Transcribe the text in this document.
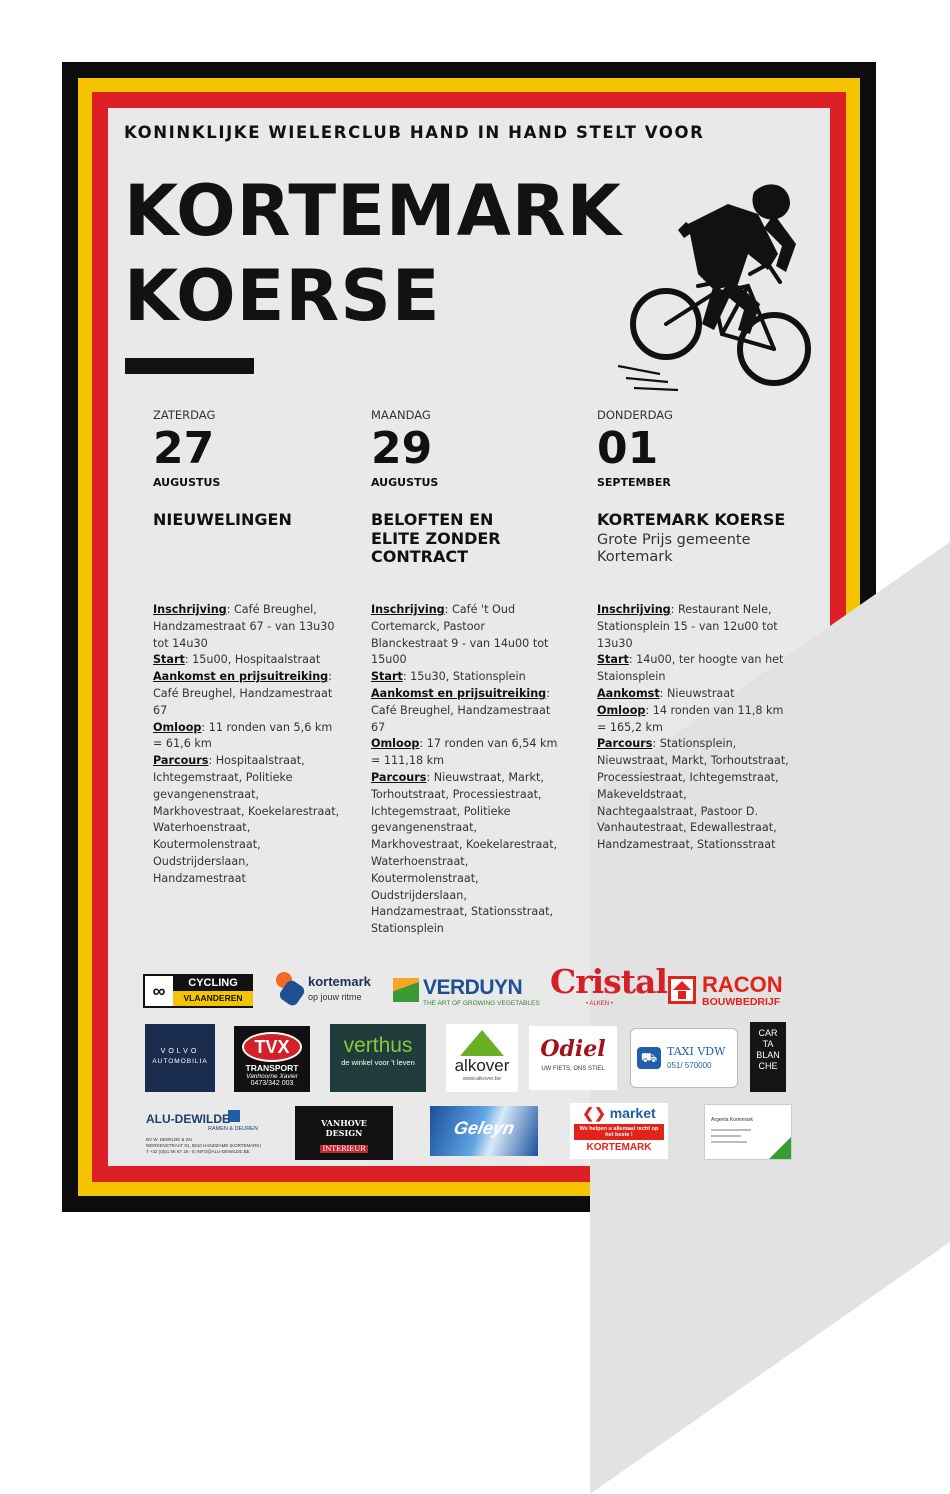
KONINKLIJKE WIELERCLUB HAND IN HAND STELT VOOR
KORTEMARK
KOERSE
ZATERDAG
27
AUGUSTUS
NIEUWELINGEN
Inschrijving: Café Breughel, Handzamestraat 67 - van 13u30 tot 14u30
Start: 15u00, Hospitaalstraat
Aankomst en prijsuitreiking: Café Breughel, Handzamestraat 67
Omloop: 11 ronden van 5,6 km = 61,6 km
Parcours: Hospitaalstraat, Ichtegemstraat, Politieke gevangenenstraat, Markhovestraat, Koekelarestraat, Waterhoenstraat, Koutermolenstraat, Oudstrijderslaan, Handzamestraat
MAANDAG
29
AUGUSTUS
BELOFTEN EN ELITE ZONDER CONTRACT
Inschrijving: Café 't Oud Cortemarck, Pastoor Blanckestraat 9 - van 14u00 tot 15u00
Start: 15u30, Stationsplein
Aankomst en prijsuitreiking: Café Breughel, Handzamestraat 67
Omloop: 17 ronden van 6,54 km = 111,18 km
Parcours: Nieuwstraat, Markt, Torhoutstraat, Processiestraat, Ichtegemstraat, Politieke gevangenenstraat, Markhovestraat, Koekelarestraat, Waterhoenstraat, Koutermolenstraat, Oudstrijderslaan, Handzamestraat, Stationsstraat, Stationsplein
DONDERDAG
01
SEPTEMBER
KORTEMARK KOERSE
Grote Prijs gemeente Kortemark
Inschrijving: Restaurant Nele, Stationsplein 15 - van 12u00 tot 13u30
Start: 14u00, ter hoogte van het Staionsplein
Aankomst: Nieuwstraat
Omloop: 14 ronden van 11,8 km = 165,2 km
Parcours: Stationsplein, Nieuwstraat, Markt, Torhoutstraat, Processiestraat, Ichtegemstraat, Makeveldstraat, Nachtegaalstraat, Pastoor D. Vanhautestraat, Edewallestraat, Handzamestraat, Stationsstraat
∞	CYCLING
VLAANDEREN
kortemark
op jouw ritme	VERDUYN
THE ART OF GROWING VEGETABLES
Cristal
• ALKEN •
RACON
BOUWBEDRIJF
VOLVO
AUTOMOBILIA
TVX
TRANSPORT
Vanhoorne Xavier
0473/342 003
verthus
de winkel voor 't leven	alkover
www.alkover.be
Odiel
UW FIETS, ONS STIEL
⛟ TAXI VDW
051/ 570000
CAR
TA
BLAN
CHE
ALU-DEWILDE
RAMEN & DEUREN
BV W. DEWILDE & ZN
WERKENSTRAAT 81, 8610 HANDZAME (KORTEMARK)
T +32 (0)51 56 67 18 - E INFO@ALU-DEWILDE.BE
VANHOVE
DESIGN
INTERIEUR
Geleyn
❮❯ market
We helpen u allemaal recht op het beste !
KORTEMARK
Argenta Kortemark
